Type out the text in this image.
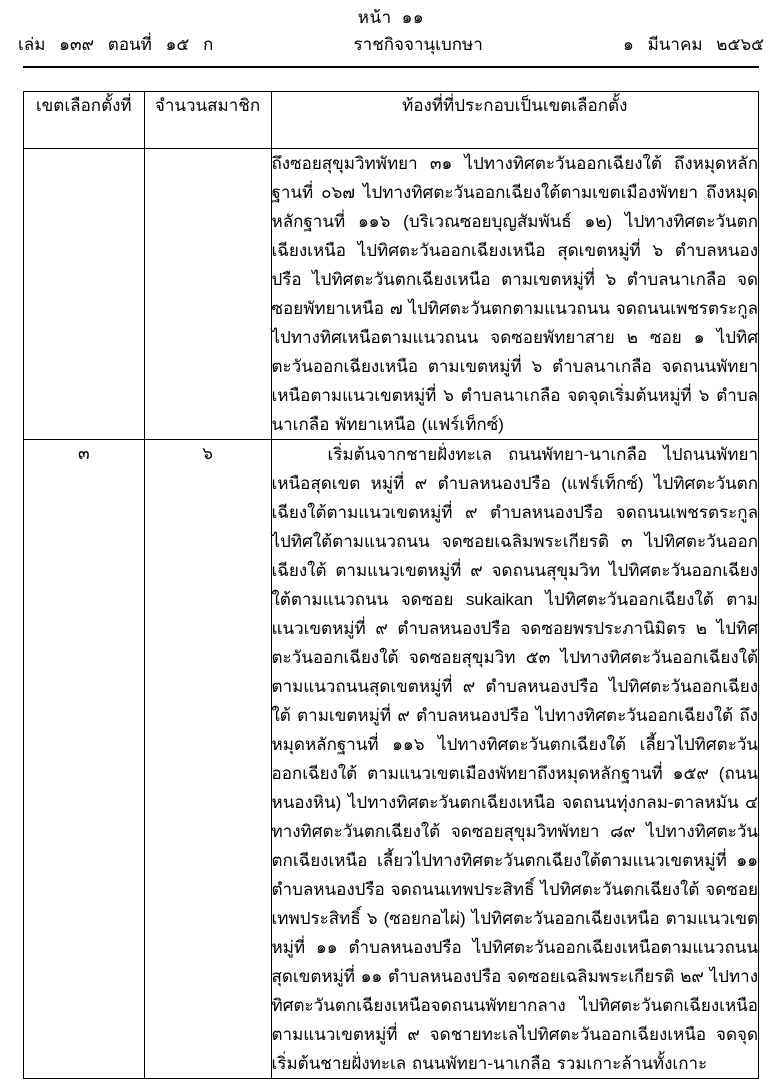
หน้า ๑๑
เล่ม ๑๓๙ ตอนที่ ๑๕ ก	ราชกิจจานุเบกษา	๑ มีนาคม ๒๕๖๕
เขตเลือกตั้งที่	จำนวนสมาชิก	ท้องที่ที่ประกอบเป็นเขตเลือกตั้ง

		ถึงซอยสุขุมวิทพัทยา ๓๑ ไปทางทิศตะวันออกเฉียงใต้ ถึงหมุดหลักฐานที่ ๐๖๗ ไปทางทิศตะวันออกเฉียงใต้ตามเขตเมืองพัทยา ถึงหมุดหลักฐานที่ ๑๑๖ (บริเวณซอยบุญสัมพันธ์ ๑๒) ไปทางทิศตะวันตกเฉียงเหนือ ไปทิศตะวันออกเฉียงเหนือ สุดเขตหมู่ที่ ๖ ตำบลหนองปรือ ไปทิศตะวันตกเฉียงเหนือ ตามเขตหมู่ที่ ๖ ตำบลนาเกลือ จดซอยพัทยาเหนือ ๗ ไปทิศตะวันตกตามแนวถนน จดถนนเพชรตระกูล ไปทางทิศเหนือตามแนวถนน จดซอยพัทยาสาย ๒ ซอย ๑ ไปทิศตะวันออกเฉียงเหนือ ตามเขตหมู่ที่ ๖ ตำบลนาเกลือ จดถนนพัทยาเหนือตามแนวเขตหมู่ที่ ๖ ตำบลนาเกลือ จดจุดเริ่มต้นหมู่ที่ ๖ ตำบลนาเกลือ พัทยาเหนือ (แฟร์เท็กซ์)

๓	๖	เริ่มต้นจากชายฝั่งทะเล ถนนพัทยา-นาเกลือ ไปถนนพัทยาเหนือสุดเขต หมู่ที่ ๙ ตำบลหนองปรือ (แฟร์เท็กซ์) ไปทิศตะวันตกเฉียงใต้ตามแนวเขตหมู่ที่ ๙ ตำบลหนองปรือ จดถนนเพชรตระกูล ไปทิศใต้ตามแนวถนน จดซอยเฉลิมพระเกียรติ ๓ ไปทิศตะวันออกเฉียงใต้ ตามแนวเขตหมู่ที่ ๙ จดถนนสุขุมวิท ไปทิศตะวันออกเฉียงใต้ตามแนวถนน จดซอย sukaikan ไปทิศตะวันออกเฉียงใต้ ตามแนวเขตหมู่ที่ ๙ ตำบลหนองปรือ จดซอยพรประภานิมิตร ๒ ไปทิศตะวันออกเฉียงใต้ จดซอยสุขุมวิท ๕๓ ไปทางทิศตะวันออกเฉียงใต้ ตามแนวถนนสุดเขตหมู่ที่ ๙ ตำบลหนองปรือ ไปทิศตะวันออกเฉียงใต้ ตามเขตหมู่ที่ ๙ ตำบลหนองปรือ ไปทางทิศตะวันออกเฉียงใต้ ถึงหมุดหลักฐานที่ ๑๑๖ ไปทางทิศตะวันตกเฉียงใต้ เลี้ยวไปทิศตะวันออกเฉียงใต้ ตามแนวเขตเมืองพัทยาถึงหมุดหลักฐานที่ ๑๕๙ (ถนนหนองหิน) ไปทางทิศตะวันตกเฉียงเหนือ จดถนนทุ่งกลม-ตาลหมัน ๔ ทางทิศตะวันตกเฉียงใต้ จดซอยสุขุมวิทพัทยา ๘๙ ไปทางทิศตะวันตกเฉียงเหนือ เลี้ยวไปทางทิศตะวันตกเฉียงใต้ตามแนวเขตหมู่ที่ ๑๑ ตำบลหนองปรือ จดถนนเทพประสิทธิ์ ไปทิศตะวันตกเฉียงใต้ จดซอยเทพประสิทธิ์ ๖ (ซอยกอไผ่) ไปทิศตะวันออกเฉียงเหนือ ตามแนวเขตหมู่ที่ ๑๑ ตำบลหนองปรือ ไปทิศตะวันออกเฉียงเหนือตามแนวถนน สุดเขตหมู่ที่ ๑๑ ตำบลหนองปรือ จดซอยเฉลิมพระเกียรติ ๒๙ ไปทางทิศตะวันตกเฉียงเหนือจดถนนพัทยากลาง ไปทิศตะวันตกเฉียงเหนือ ตามแนวเขตหมู่ที่ ๙ จดชายทะเลไปทิศตะวันออกเฉียงเหนือ จดจุดเริ่มต้นชายฝั่งทะเล ถนนพัทยา-นาเกลือ รวมเกาะล้านทั้งเกาะ
